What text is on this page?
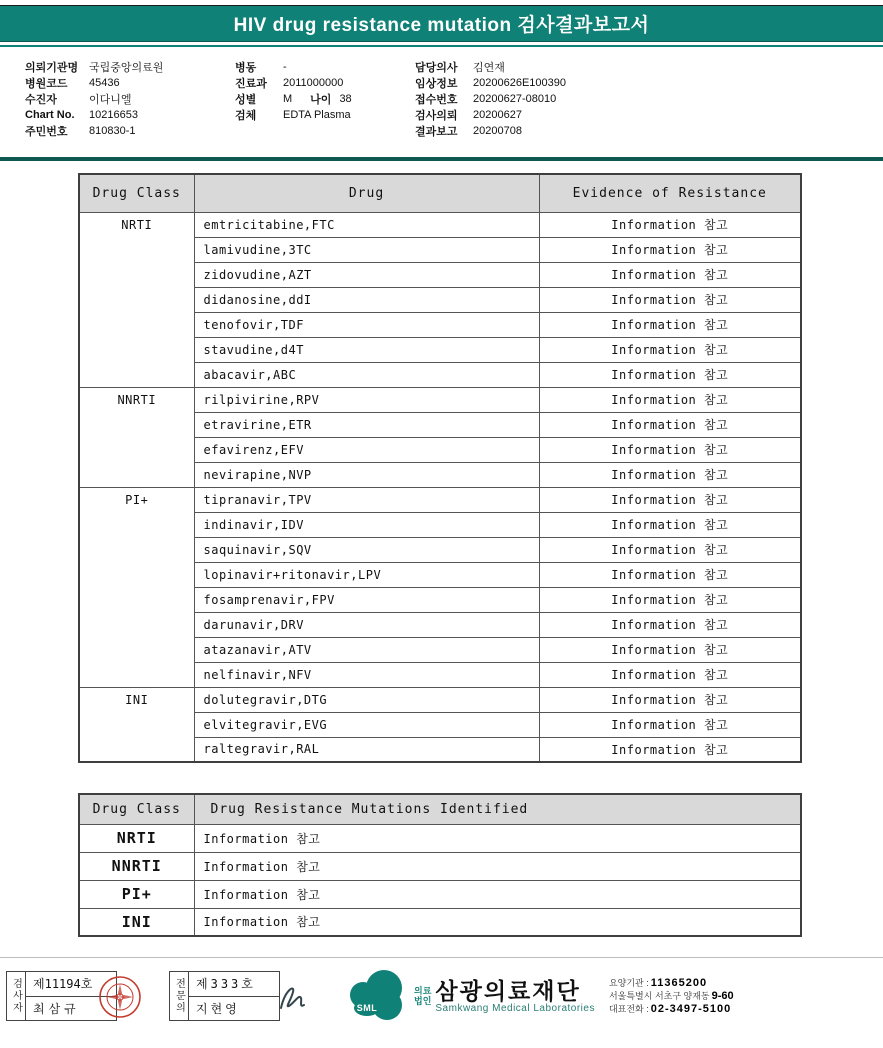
HIV drug resistance mutation 검사결과보고서
의뢰기관명 국립중앙의료원
병원코드	45436
수진자	이다니엘
Chart No.	10216653
주민번호	810830-1
병동	-
진료과	2011000000
성별	M 나이 38
검체	EDTA Plasma
담당의사	김연재
임상정보	20200626E100390
접수번호	20200627-08010
검사의뢰	20200627
결과보고	20200708
Drug Class	Drug	Evidence of Resistance
NRTI	emtricitabine,FTC	Information 참고
	lamivudine,3TC	Information 참고
	zidovudine,AZT	Information 참고
	didanosine,ddI	Information 참고
	tenofovir,TDF	Information 참고
	stavudine,d4T	Information 참고
	abacavir,ABC	Information 참고
NNRTI	rilpivirine,RPV	Information 참고
	etravirine,ETR	Information 참고
	efavirenz,EFV	Information 참고
	nevirapine,NVP	Information 참고
PI+	tipranavir,TPV	Information 참고
	indinavir,IDV	Information 참고
	saquinavir,SQV	Information 참고
	lopinavir+ritonavir,LPV	Information 참고
	fosamprenavir,FPV	Information 참고
	darunavir,DRV	Information 참고
	atazanavir,ATV	Information 참고
	nelfinavir,NFV	Information 참고
INI	dolutegravir,DTG	Information 참고
	elvitegravir,EVG	Information 참고
	raltegravir,RAL	Information 참고
Drug Class	Drug Resistance Mutations Identified
NRTI	Information 참고
NNRTI	Information 참고
PI+	Information 참고
INI	Information 참고
검사자 제11194호
최삼규	전문의 제333호
지현영	SML
의료
법인 삼광의료재단
Samkwang Medical Laboratories
요양기관 : 11365200
서울특별시 서초구 양재동 9-60
대표전화 : 02-3497-5100
